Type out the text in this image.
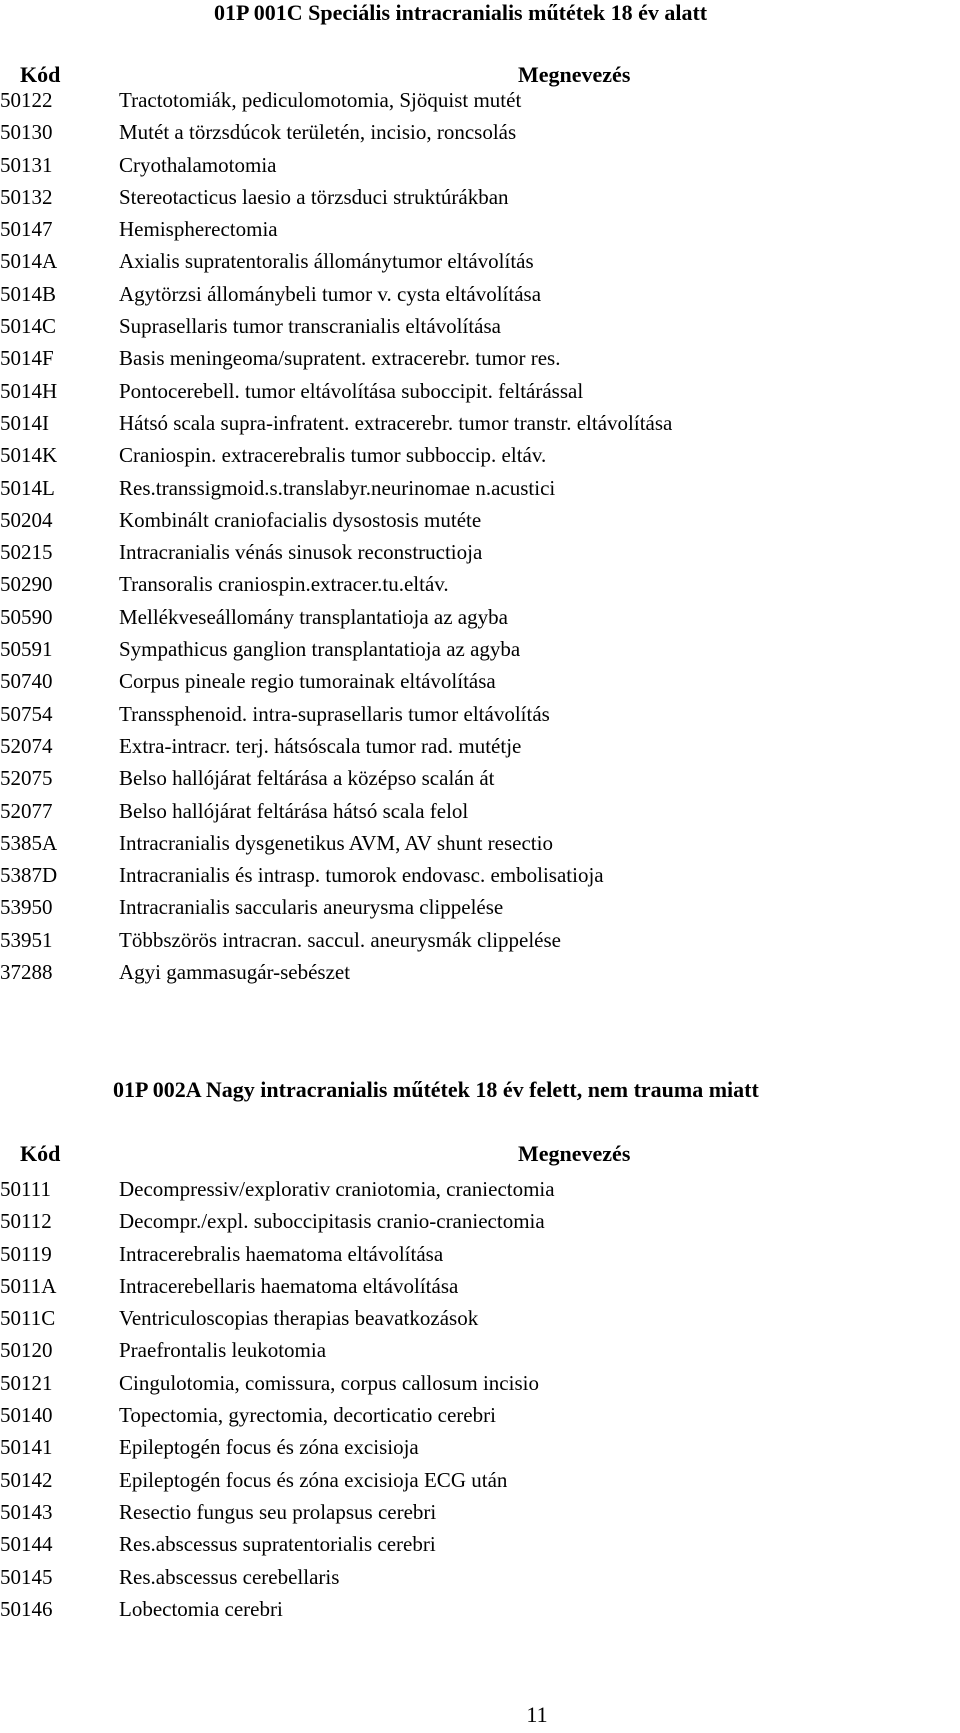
01P 001C Speciális intracranialis műtétek 18 év alatt
Kód	Megnevezés
50122	Tractotomiák, pediculomotomia, Sjöquist mutét
50130	Mutét a törzsdúcok területén, incisio, roncsolás
50131	Cryothalamotomia
50132	Stereotacticus laesio a törzsduci struktúrákban
50147	Hemispherectomia
5014A	Axialis supratentoralis állománytumor eltávolítás
5014B	Agytörzsi állománybeli tumor v. cysta eltávolítása
5014C	Suprasellaris tumor transcranialis eltávolítása
5014F	Basis meningeoma/supratent. extracerebr. tumor res.
5014H	Pontocerebell. tumor eltávolítása suboccipit. feltárással
5014I	Hátsó scala supra-infratent. extracerebr. tumor transtr. eltávolítása
5014K	Craniospin. extracerebralis tumor subboccip. eltáv.
5014L	Res.transsigmoid.s.translabyr.neurinomae n.acustici
50204	Kombinált craniofacialis dysostosis mutéte
50215	Intracranialis vénás sinusok reconstructioja
50290	Transoralis craniospin.extracer.tu.eltáv.
50590	Mellékveseállomány transplantatioja az agyba
50591	Sympathicus ganglion transplantatioja az agyba
50740	Corpus pineale regio tumorainak eltávolítása
50754	Transsphenoid. intra-suprasellaris tumor eltávolítás
52074	Extra-intracr. terj. hátsóscala tumor rad. mutétje
52075	Belso hallójárat feltárása a középso scalán át
52077	Belso hallójárat feltárása hátsó scala felol
5385A	Intracranialis dysgenetikus AVM, AV shunt resectio
5387D	Intracranialis és intrasp. tumorok endovasc. embolisatioja
53950	Intracranialis saccularis aneurysma clippelése
53951	Többszörös intracran. saccul. aneurysmák clippelése
37288	Agyi gammasugár-sebészet
01P 002A Nagy intracranialis műtétek 18 év felett, nem trauma miatt
Kód	Megnevezés
50111	Decompressiv/explorativ craniotomia, craniectomia
50112	Decompr./expl. suboccipitasis cranio-craniectomia
50119	Intracerebralis haematoma eltávolítása
5011A	Intracerebellaris haematoma eltávolítása
5011C	Ventriculoscopias therapias beavatkozások
50120	Praefrontalis leukotomia
50121	Cingulotomia, comissura, corpus callosum incisio
50140	Topectomia, gyrectomia, decorticatio cerebri
50141	Epileptogén focus és zóna excisioja
50142	Epileptogén focus és zóna excisioja ECG után
50143	Resectio fungus seu prolapsus cerebri
50144	Res.abscessus supratentorialis cerebri
50145	Res.abscessus cerebellaris
50146	Lobectomia cerebri
11
